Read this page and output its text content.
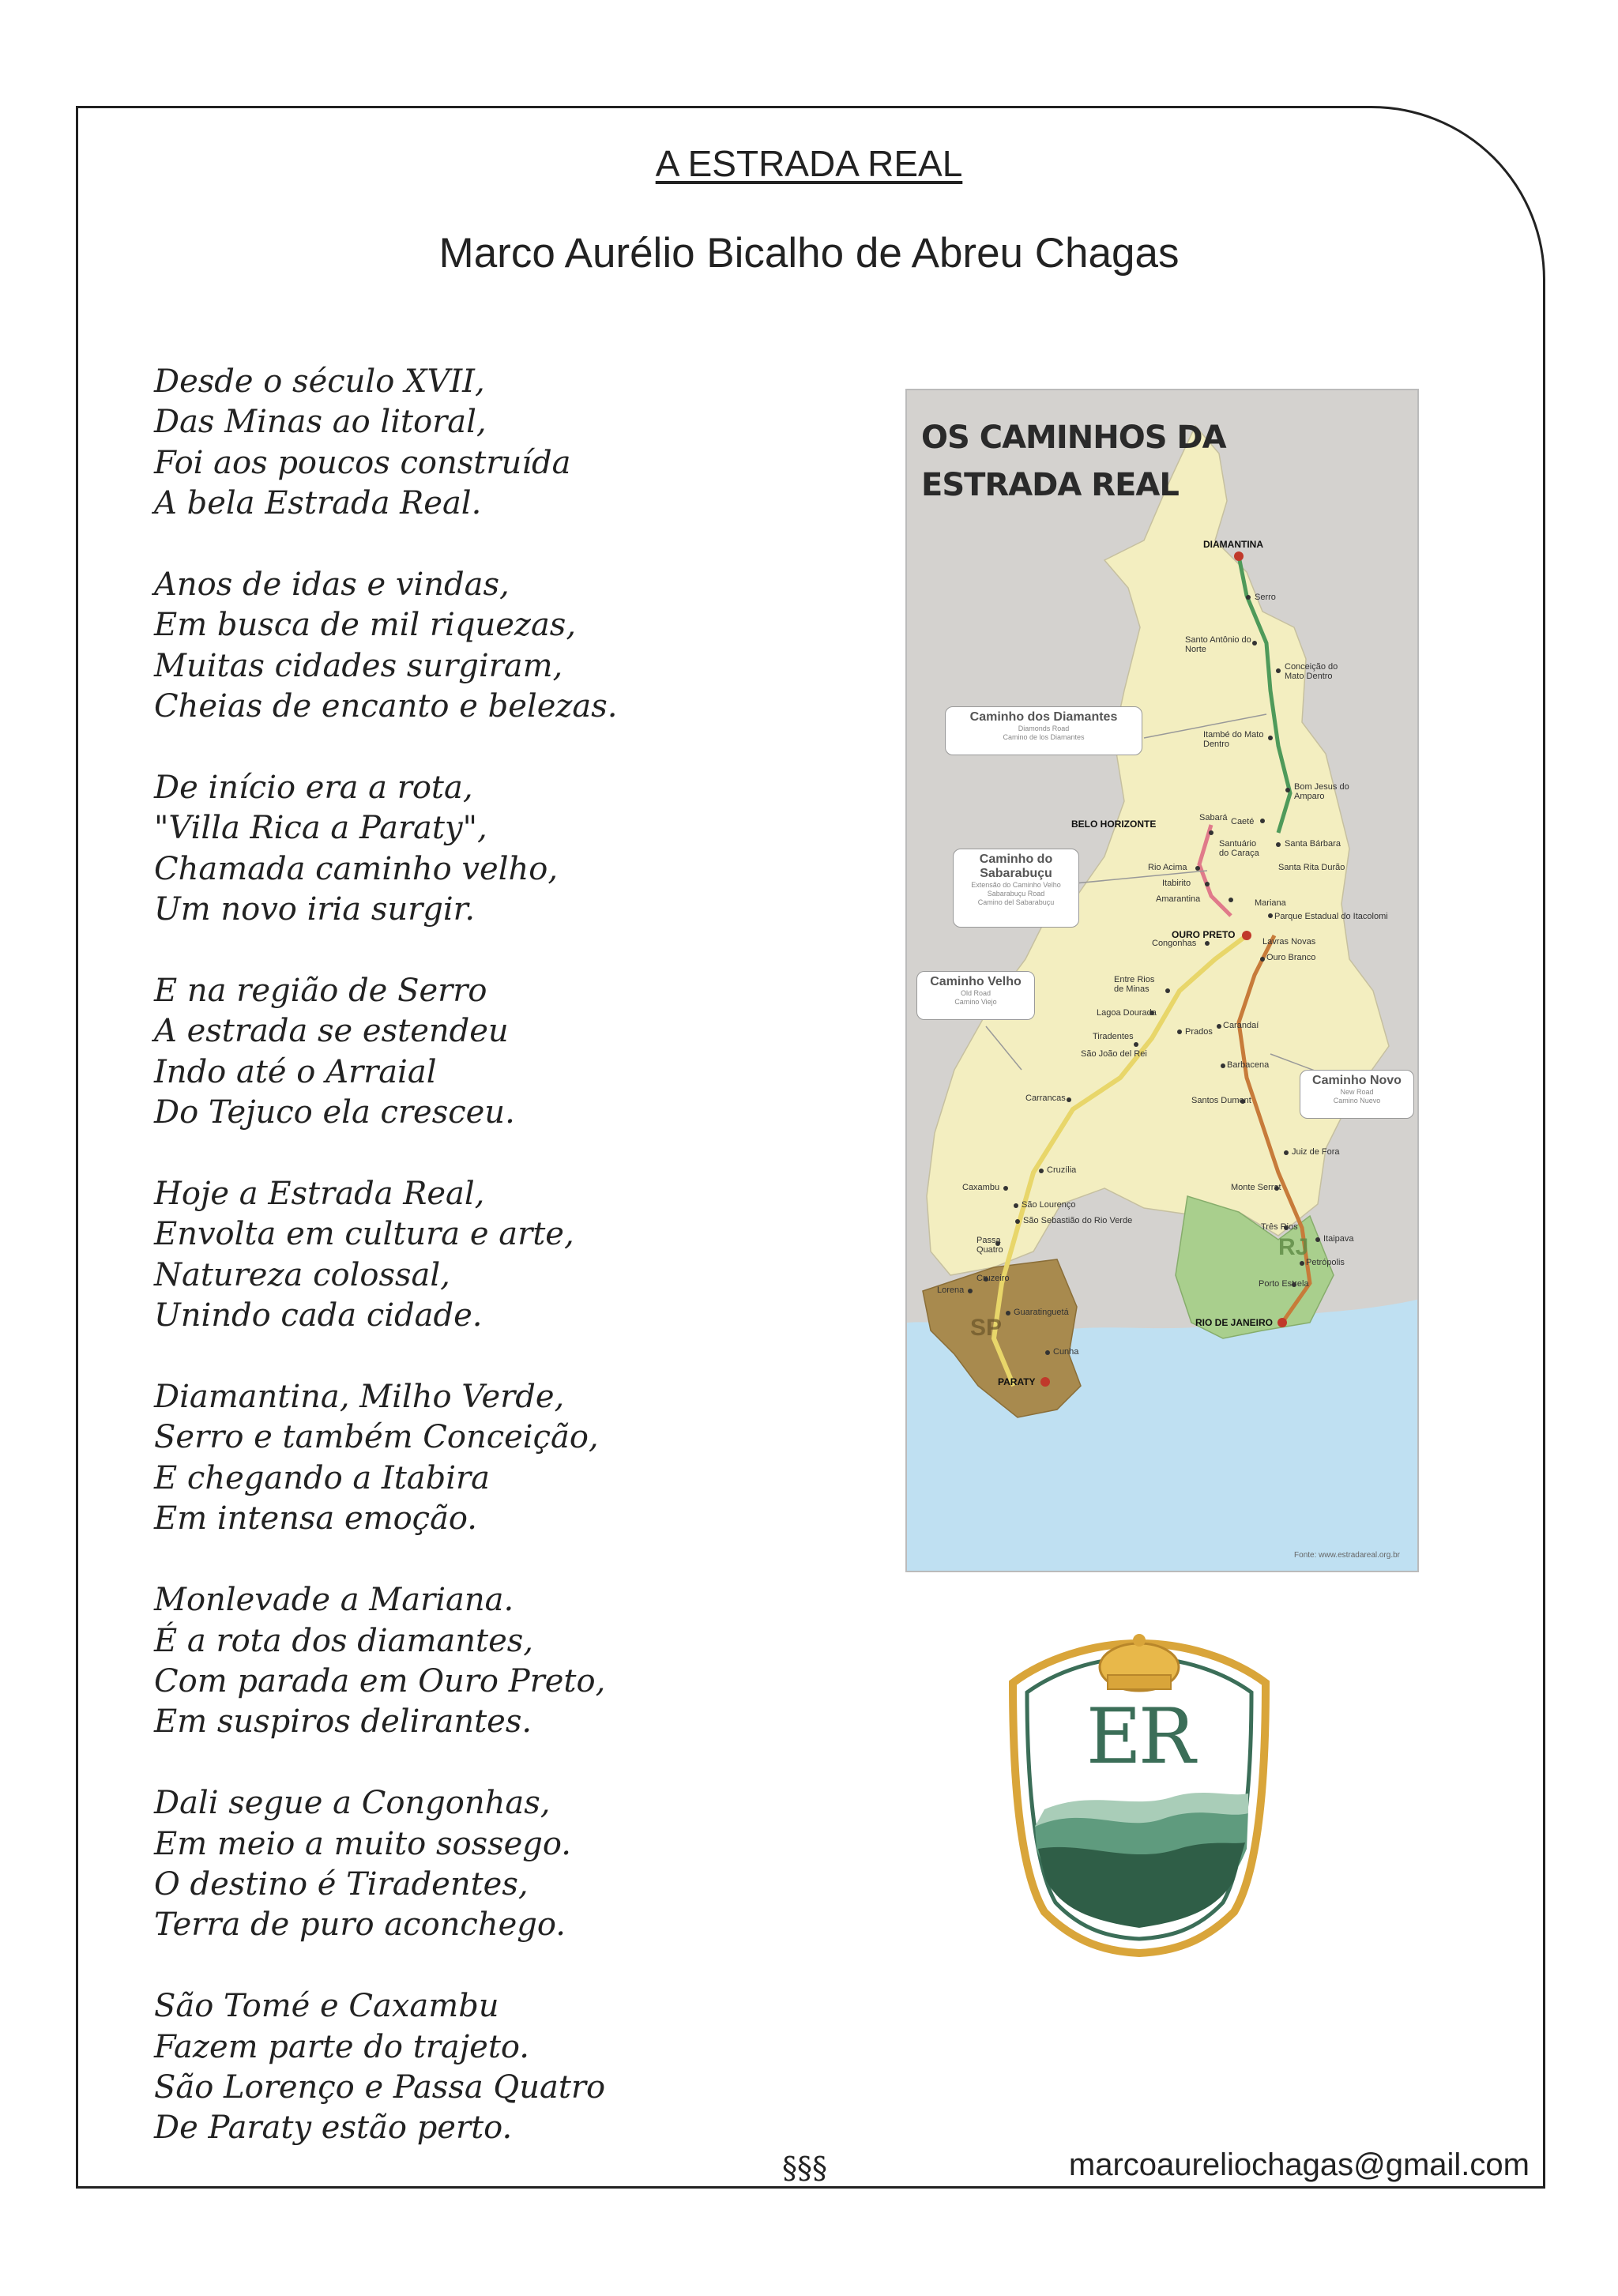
A ESTRADA REAL
Marco Aurélio Bicalho de Abreu Chagas
Desde o século XVII,
Das Minas ao litoral,
Foi aos poucos construída
A bela Estrada Real.
Anos de idas e vindas,
Em busca de mil riquezas,
Muitas cidades surgiram,
Cheias de encanto e belezas.
De início era a rota,
"Villa Rica a Paraty",
Chamada caminho velho,
Um novo iria surgir.
E na região de Serro
A estrada se estendeu
Indo até o Arraial
Do Tejuco ela cresceu.
Hoje a Estrada Real,
Envolta em cultura e arte,
Natureza colossal,
Unindo cada cidade.
Diamantina, Milho Verde,
Serro e também Conceição,
E chegando a Itabira
Em intensa emoção.
Monlevade a Mariana.
É a rota dos diamantes,
Com parada em Ouro Preto,
Em suspiros delirantes.
Dali segue a Congonhas,
Em meio a muito sossego.
O destino é Tiradentes,
Terra de puro aconchego.
São Tomé e Caxambu
Fazem parte do trajeto.
São Lorenço e Passa Quatro
De Paraty estão perto.
OS CAMINHOS DA
ESTRADA REAL
DIAMANTINA
Serro
Santo Antônio do Norte
Conceição do Mato Dentro
Itambé do Mato Dentro
Bom Jesus do Amparo
BELO HORIZONTE
Sabará Caeté
Santa Bárbara
Santuário do Caraça
Santa Rita Durão
Rio Acima
Itabirito
Amarantina	Mariana
OURO PRETO
Parque Estadual do Itacolomi
Congonhas	Lavras Novas
Ouro Branco
Entre Rios de Minas
Lagoa Dourada
Prados
Carandaí
Tiradentes
São João del Rei
Barbacena
Carrancas	Santos Dumont
Juiz de Fora
Cruzília
Caxambu
São Lourenço
São Sebastião do Rio Verde
Monte Serrat
Passa Quatro
Três Rios
Itaipava
Petrópolis
Cruzeiro
Lorena
Porto Estrela
Guaratinguetá
RIO DE JANEIRO
Cunha
PARATY
SP
RJ
Caminho dos Diamantes
Diamonds Road
Camino de los Diamantes
Caminho do
Sabarabuçu
Extensão do Caminho Velho
Sabarabuçu Road
Camino del Sabarabuçu
Caminho Velho
Old Road
Camino Viejo
Caminho Novo
New Road
Camino Nuevo
Fonte: www.estradareal.org.br
ER
§§§	marcoaureliochagas@gmail.com
